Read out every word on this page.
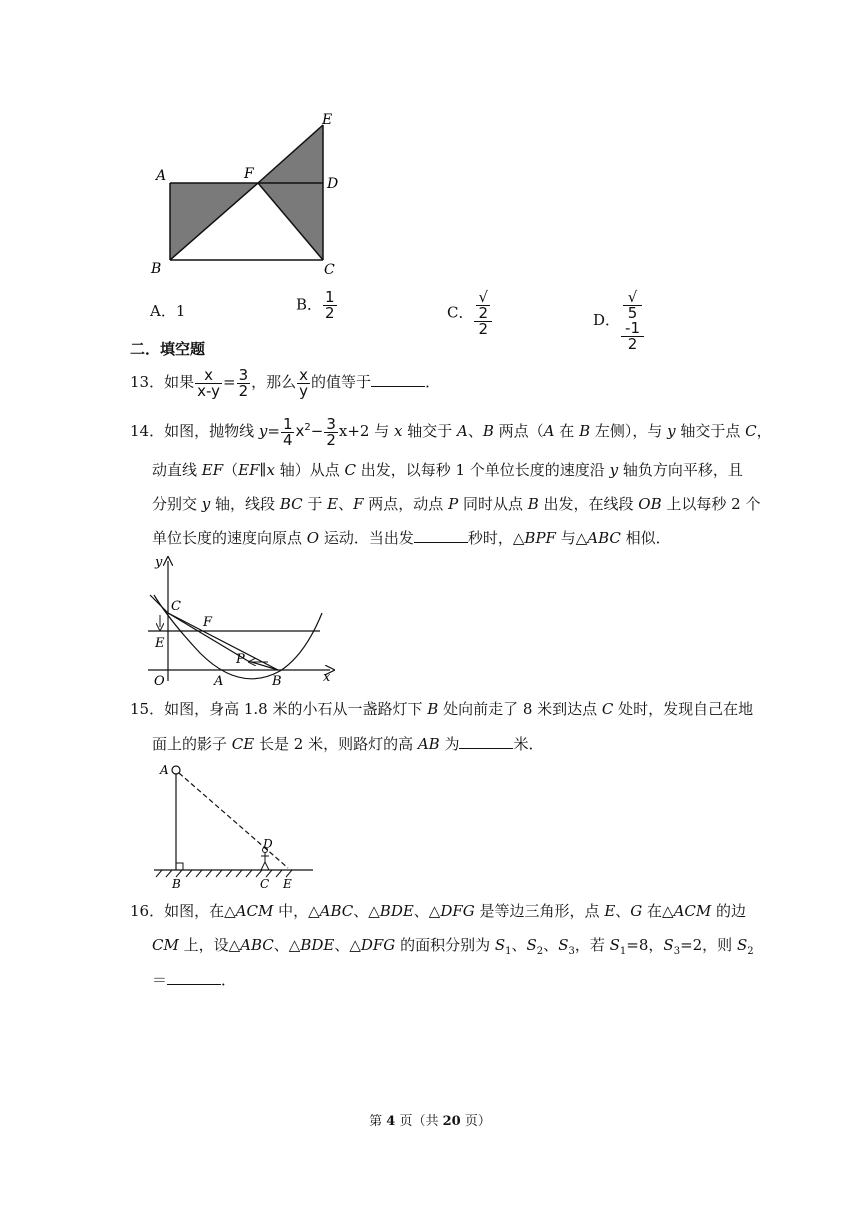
A	F
E
D
B	C
A．1	B． $\frac{1}{2}$	C． √
2
2	D． √
5
-1
2
二．填空题
13．如果 $\frac{x}{x-y} = \frac{3}{2}$ ，那么 $\frac{x}{y}$ 的值等于	．
14．如图，抛物线 $y= \frac{1}{4} x^2- \frac{3}{2} x+2$ 与 x 轴交于 A、B 两点（A 在 B 左侧），与 y 轴交于点 C，
动直线 EF（EF∥x 轴）从点 C 出发，以每秒 1 个单位长度的速度沿 y 轴负方向平移，且
分别交 y 轴，线段 BC 于 E、F 两点，动点 P 同时从点 B 出发，在线段 OB 上以每秒 2 个
单位长度的速度向原点 O 运动．当出发	秒时，△BPF 与△ABC 相似．
y
x
C
F
E
P
O	A	B
15．如图，身高 1.8 米的小石从一盏路灯下 B 处向前走了 8 米到达点 C 处时，发现自己在地
面上的影子 CE 长是 2 米，则路灯的高 AB 为	米．
A
D
B	C E
16．如图，在△ACM 中，△ABC、△BDE、△DFG 是等边三角形，点 E、G 在△ACM 的边
CM 上，设△ABC、△BDE、△DFG 的面积分别为 $S_1$、$S_2$、$S_3$，若 $S_1=8$，$S_3=2$，则 $S_2$
＝	．
第 4 页（共 20 页）
